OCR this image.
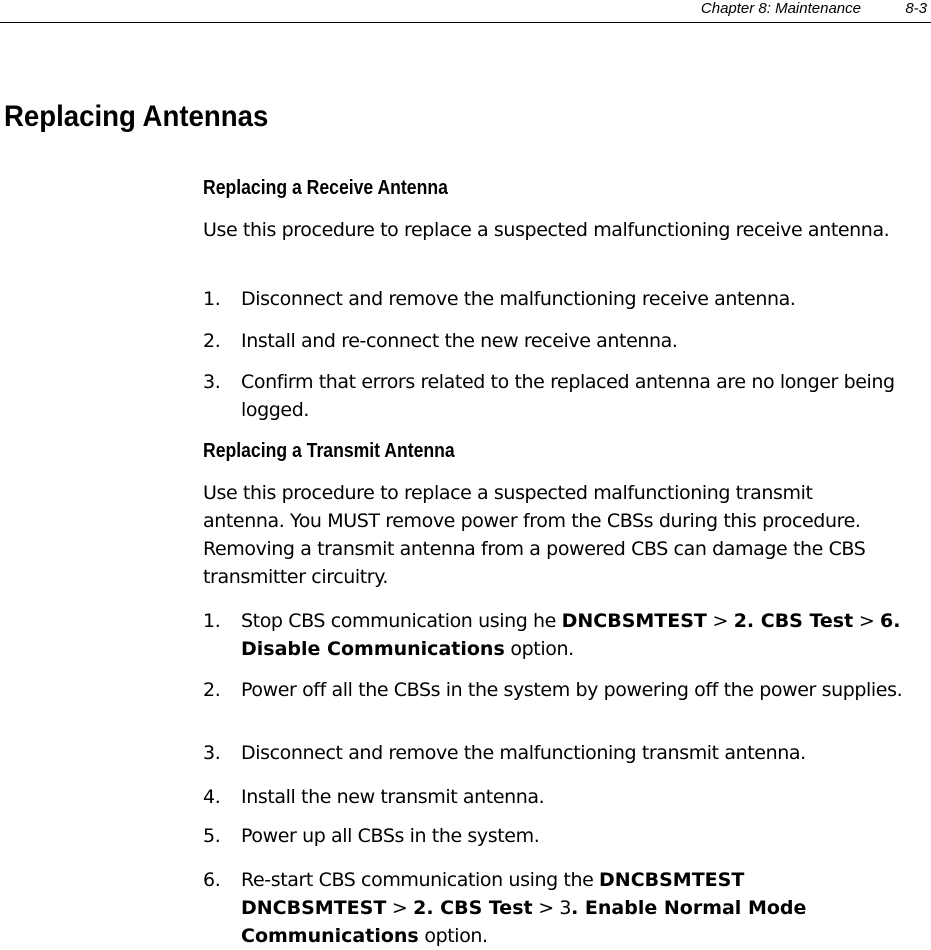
Chapter 8: Maintenance	8-3
Replacing Antennas
Replacing a Receive Antenna

Use this procedure to replace a suspected malfunctioning receive antenna.

1. Disconnect and remove the malfunctioning receive antenna.
2. Install and re-connect the new receive antenna.
3. Confirm that errors related to the replaced antenna are no longer being logged.
Replacing a Transmit Antenna

Use this procedure to replace a suspected malfunctioning transmit antenna. You MUST remove power from the CBSs during this procedure. Removing a transmit antenna from a powered CBS can damage the CBS transmitter circuitry.

1. Stop CBS communication using he DNCBSMTEST > 2. CBS Test > 6. Disable Communications option.
2. Power off all the CBSs in the system by powering off the power supplies.
3. Disconnect and remove the malfunctioning transmit antenna.
4. Install the new transmit antenna.
5. Power up all CBSs in the system.
6. Re-start CBS communication using the DNCBSMTEST DNCBSMTEST > 2. CBS Test > 3. Enable Normal Mode Communications option.
